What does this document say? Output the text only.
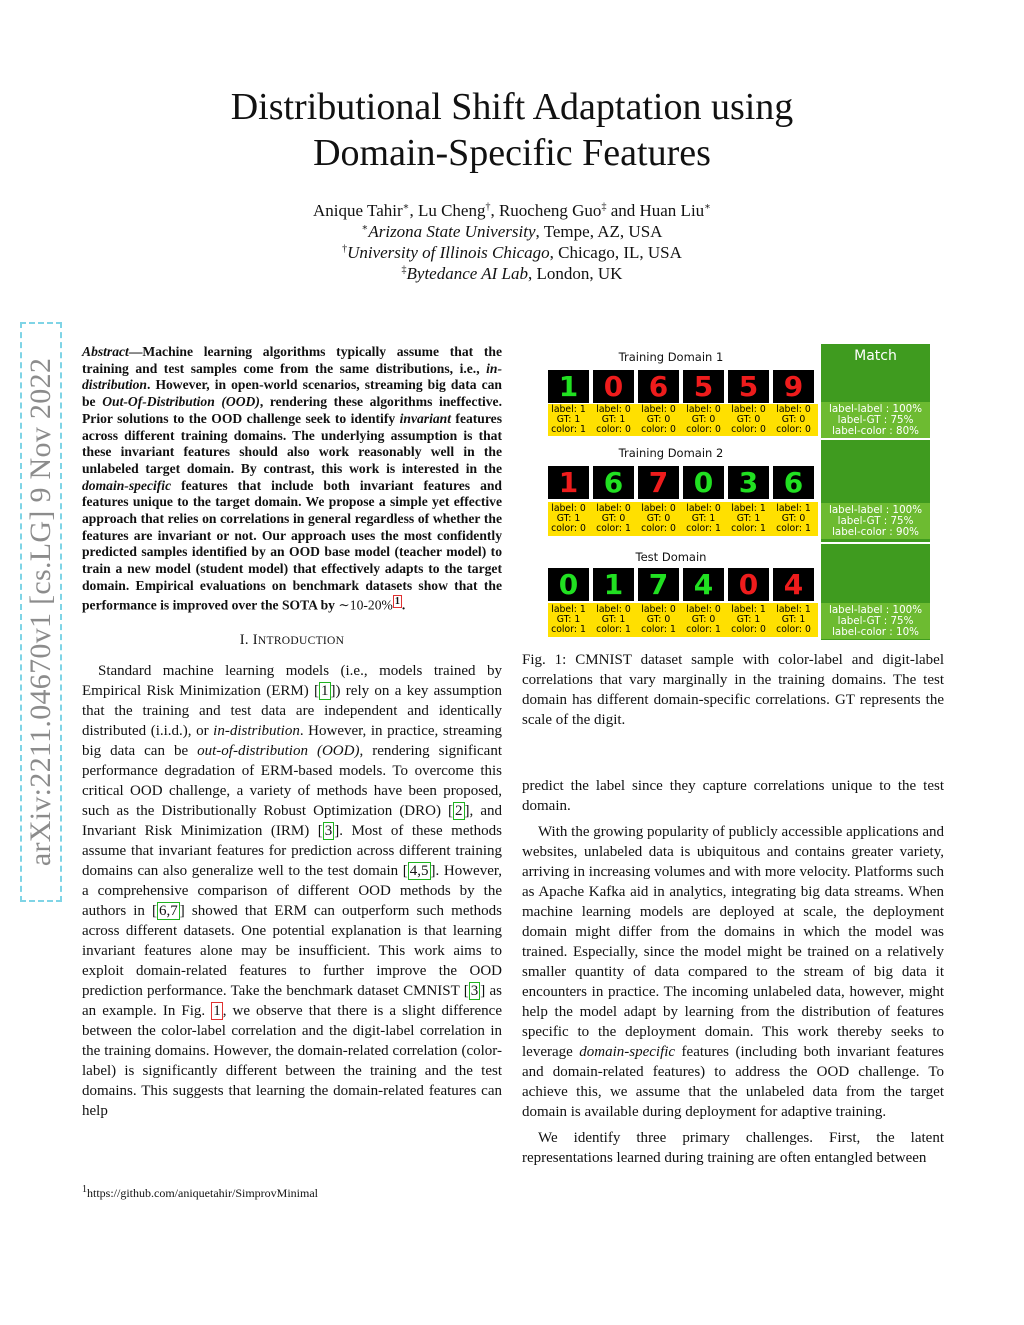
Distributional Shift Adaptation using
Domain-Specific Features
Anique Tahir∗, Lu Cheng†, Ruocheng Guo‡ and Huan Liu∗
∗Arizona State University, Tempe, AZ, USA
†University of Illinois Chicago, Chicago, IL, USA
‡Bytedance AI Lab, London, UK
arXiv:2211.04670v1 [cs.LG] 9 Nov 2022
Abstract—Machine learning algorithms typically assume that the training and test samples come from the same distributions, i.e., in-distribution. However, in open-world scenarios, streaming big data can be Out-Of-Distribution (OOD), rendering these algorithms ineffective. Prior solutions to the OOD challenge seek to identify invariant features across different training domains. The underlying assumption is that these invariant features should also work reasonably well in the unlabeled target domain. By contrast, this work is interested in the domain-specific features that include both invariant features and features unique to the target domain. We propose a simple yet effective approach that relies on correlations in general regardless of whether the features are invariant or not. Our approach uses the most confidently predicted samples identified by an OOD base model (teacher model) to train a new model (student model) that effectively adapts to the target domain. Empirical evaluations on benchmark datasets show that the performance is improved over the SOTA by ∼10-20% $^1$ .
I. INTRODUCTION

Standard machine learning models (i.e., models trained by Empirical Risk Minimization (ERM) [ 1 ]) rely on a key assumption that the training and test data are independent and identically distributed (i.i.d.), or in-distribution. However, in practice, streaming big data can be out-of-distribution (OOD), rendering significant performance degradation of ERM-based models. To overcome this critical OOD challenge, a variety of methods have been proposed, such as the Distributionally Robust Optimization (DRO) [ 2 ], and Invariant Risk Minimization (IRM) [ 3 ]. Most of these methods assume that invariant features for prediction across different training domains can also generalize well to the test domain [ 4,5 ]. However, a comprehensive comparison of different OOD methods by the authors in [ 6,7 ] showed that ERM can outperform such methods across different datasets. One potential explanation is that learning invariant features alone may be insufficient. This work aims to exploit domain-related features to further improve the OOD prediction performance. Take the benchmark dataset CMNIST [ 3 ] as an example. In Fig. 1 , we observe that there is a slight difference between the color-label correlation and the digit-label correlation in the training domains. However, the domain-related correlation (color-label) is significantly different between the training and the test domains. This suggests that learning the domain-related features can help

$^1$https://github.com/aniquetahir/SimprovMinimal
Match
Training Domain 1
1 0 6 5 5 9
label: 1
GT: 1
color: 1
label: 0
GT: 1
color: 0
label: 0
GT: 0
color: 0
label: 0
GT: 0
color: 0
label: 0
GT: 0
color: 0
label: 0
GT: 0
color: 0
label-label : 100%
label-GT : 75%
label-color : 80%
Training Domain 2
1 6 7 0 3 6
label: 0
GT: 1
color: 0
label: 0
GT: 0
color: 1
label: 0
GT: 0
color: 0
label: 0
GT: 1
color: 1
label: 1
GT: 1
color: 1
label: 1
GT: 0
color: 1
label-label : 100%
label-GT : 75%
label-color : 90%
Test Domain
0 1 7 4 0 4
label: 1
GT: 1
color: 1
label: 0
GT: 1
color: 1
label: 0
GT: 0
color: 1
label: 0
GT: 0
color: 1
label: 1
GT: 1
color: 0
label: 1
GT: 1
color: 0
label-label : 100%
label-GT : 75%
label-color : 10%
Fig. 1: CMNIST dataset sample with color-label and digit-label correlations that vary marginally in the training domains. The test domain has different domain-specific correlations. GT represents the scale of the digit.

predict the label since they capture correlations unique to the test domain.

With the growing popularity of publicly accessible applications and websites, unlabeled data is ubiquitous and contains greater variety, arriving in increasing volumes and with more velocity. Platforms such as Apache Kafka aid in analytics, integrating big data streams. When machine learning models are deployed at scale, the deployment domain might differ from the domains in which the model was trained. Especially, since the model might be trained on a relatively smaller quantity of data compared to the stream of big data it encounters in practice. The incoming unlabeled data, however, might help the model adapt by learning from the distribution of features specific to the deployment domain. This work thereby seeks to leverage domain-specific features (including both invariant features and domain-related features) to address the OOD challenge. To achieve this, we assume that the unlabeled data from the target domain is available during deployment for adaptive training.

We identify three primary challenges. First, the latent representations learned during training are often entangled between
